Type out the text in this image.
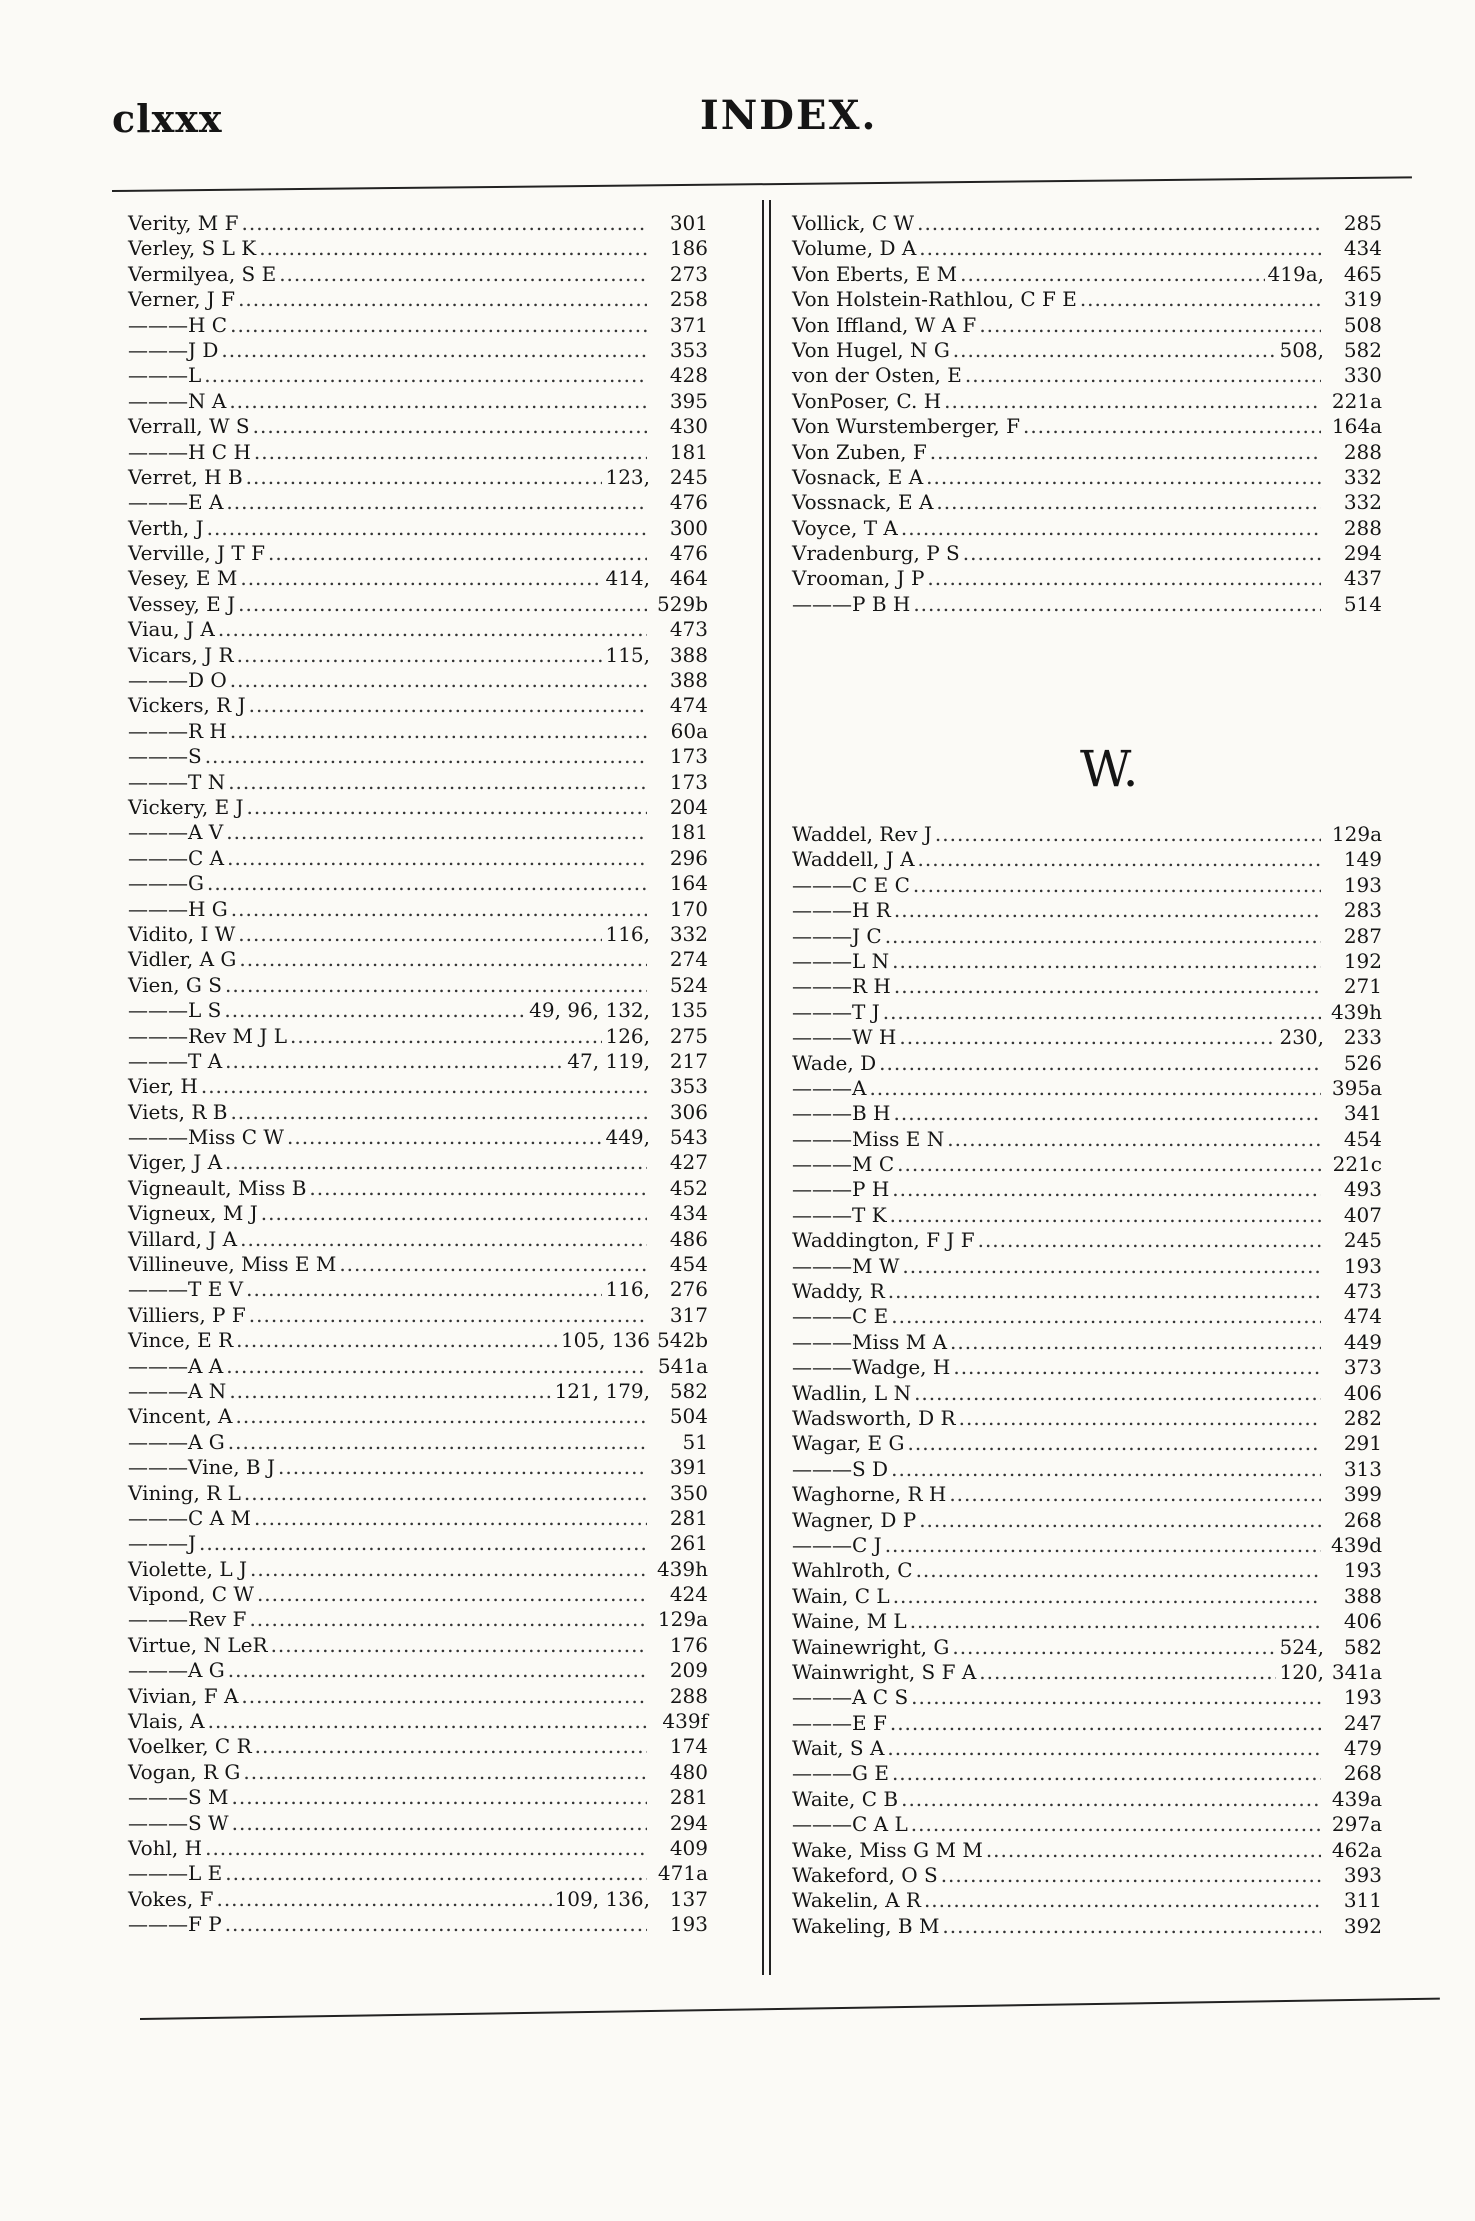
clxxx	INDEX.
Verity, M F .....	301
Verley, S L K .....	186
Vermilyea, S E .....	273
Verner, J F .....	258
———H C .....	371
———J D .....	353
———L .....	428
———N A .....	395
Verrall, W S .....	430
———H C H .....	181
Verret, H B .....	123, 245
———E A .....	476
Verth, J .....	300
Verville, J T F .....	476
Vesey, E M .....	414, 464
Vessey, E J .....	529b
Viau, J A .....	473
Vicars, J R .....	115, 388
———D O .....	388
Vickers, R J .....	474
———R H .....	60a
———S .....	173
———T N .....	173
Vickery, E J .....	204
———A V .....	181
———C A .....	296
———G .....	164
———H G .....	170
Vidito, I W .....	116, 332
Vidler, A G .....	274
Vien, G S .....	524
———L S .....	49, 96, 132, 135
———Rev M J L .....	126, 275
———T A .....	47, 119, 217
Vier, H .....	353
Viets, R B .....	306
———Miss C W .....	449, 543
Viger, J A .....	427
Vigneault, Miss B .....	452
Vigneux, M J .....	434
Villard, J A .....	486
Villineuve, Miss E M .....	454
———T E V .....	116, 276
Villiers, P F .....	317
Vince, E R .....	105, 136 542b
———A A .....	541a
———A N .....	121, 179, 582
Vincent, A .....	504
———A G .....	51
———Vine, B J .....	391
Vining, R L .....	350
———C A M .....	281
———J .....	261
Violette, L J .....	439h
Vipond, C W .....	424
———Rev F .....	129a
Virtue, N LeR .....	176
———A G .....	209
Vivian, F A .....	288
Vlais, A .....	439f
Voelker, C R .....	174
Vogan, R G .....	480
———S M .....	281
———S W .....	294
Vohl, H .....	409
———L E .....	471a
Vokes, F .....	109, 136, 137
———F P .....	193
Vollick, C W .....	285
Volume, D A .....	434
Von Eberts, E M .....	419a, 465
Von Holstein-Rathlou, C F E .....	319
Von Iffland, W A F .....	508
Von Hugel, N G .....	508, 582
von der Osten, E .....	330
VonPoser, C. H .....	221a
Von Wurstemberger, F .....	164a
Von Zuben, F .....	288
Vosnack, E A .....	332
Vossnack, E A .....	332
Voyce, T A .....	288
Vradenburg, P S .....	294
Vrooman, J P .....	437
———P B H .....	514
W.
Waddel, Rev J .....	129a
Waddell, J A .....	149
———C E C .....	193
———H R .....	283
———J C .....	287
———L N .....	192
———R H .....	271
———T J .....	439h
———W H .....	230, 233
Wade, D .....	526
———A .....	395a
———B H .....	341
———Miss E N .....	454
———M C .....	221c
———P H .....	493
———T K .....	407
Waddington, F J F .....	245
———M W .....	193
Waddy, R .....	473
———C E .....	474
———Miss M A .....	449
———Wadge, H .....	373
Wadlin, L N .....	406
Wadsworth, D R .....	282
Wagar, E G .....	291
———S D .....	313
Waghorne, R H .....	399
Wagner, D P .....	268
———C J .....	439d
Wahlroth, C .....	193
Wain, C L .....	388
Waine, M L .....	406
Wainewright, G .....	524, 582
Wainwright, S F A .....	120, 341a
———A C S .....	193
———E F .....	247
Wait, S A .....	479
———G E .....	268
Waite, C B .....	439a
———C A L .....	297a
Wake, Miss G M M .....	462a
Wakeford, O S .....	393
Wakelin, A R .....	311
Wakeling, B M .....	392
